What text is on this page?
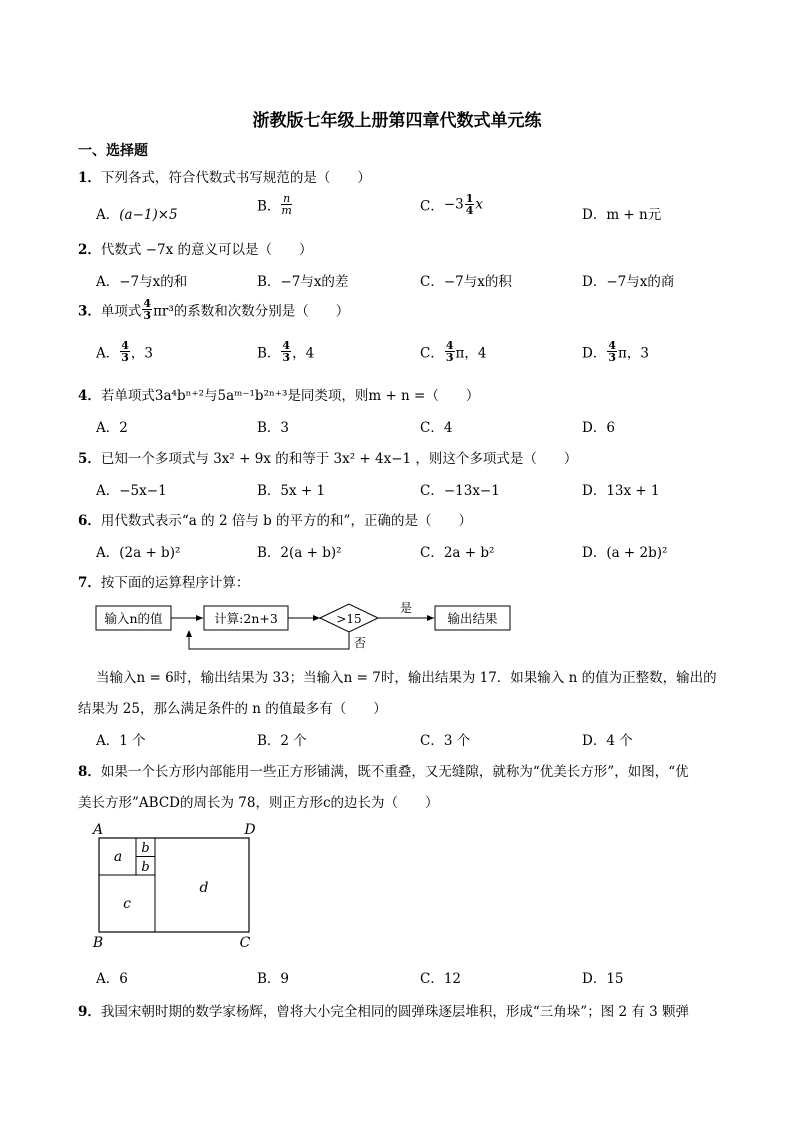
浙教版七年级上册第四章代数式单元练
一、选择题
1．下列各式，符合代数式书写规范的是（　　）
A．(a−1)×5
B． $\frac{n}{m}$	C．$-3 \frac{1}{4}$ x
D．m + n元
2．代数式 −7x 的意义可以是（　　）
A．−7与x的和	B．−7与x的差	C．−7与x的积	D．−7与x的商
3．单项式 $\frac{4}{3} \pi r^3$的系数和次数分别是（　　）
A． $\frac{4}{3}$ ，3	B． $\frac{4}{3}$ ，4	C． $\frac{4}{3}$ π，4	D． $\frac{4}{3}$ π，3
4．若单项式3a⁴bⁿ⁺²与5aᵐ⁻¹b²ⁿ⁺³是同类项，则m + n =（　　）
A．2	B．3	C．4	D．6
5．已知一个多项式与 3x² + 9x 的和等于 3x² + 4x−1 ，则这个多项式是（　　）
A．−5x−1	B．5x + 1	C．−13x−1	D．13x + 1
6．用代数式表示“a 的 2 倍与 b 的平方的和”，正确的是（　　）
A．(2a + b)²	B．2(a + b)²	C．2a + b²	D．(a + 2b)²
7．按下面的运算程序计算：
输入n的值	计算:2n+3	>15
是
输出结果
否
当输入n = 6时，输出结果为 33；当输入n = 7时，输出结果为 17．如果输入 n 的值为正整数，输出的
结果为 25，那么满足条件的 n 的值最多有（　　）
A．1 个	B．2 个	C．3 个	D．4 个
8．如果一个长方形内部能用一些正方形铺满，既不重叠，又无缝隙，就称为“优美长方形”，如图，“优
美长方形”ABCD的周长为 78，则正方形c的边长为（　　）
A	D
B	C
a
b
b
c
d
A．6	B．9	C．12	D．15
9．我国宋朝时期的数学家杨辉，曾将大小完全相同的圆弹珠逐层堆积，形成“三角垛”；图 2 有 3 颗弹
